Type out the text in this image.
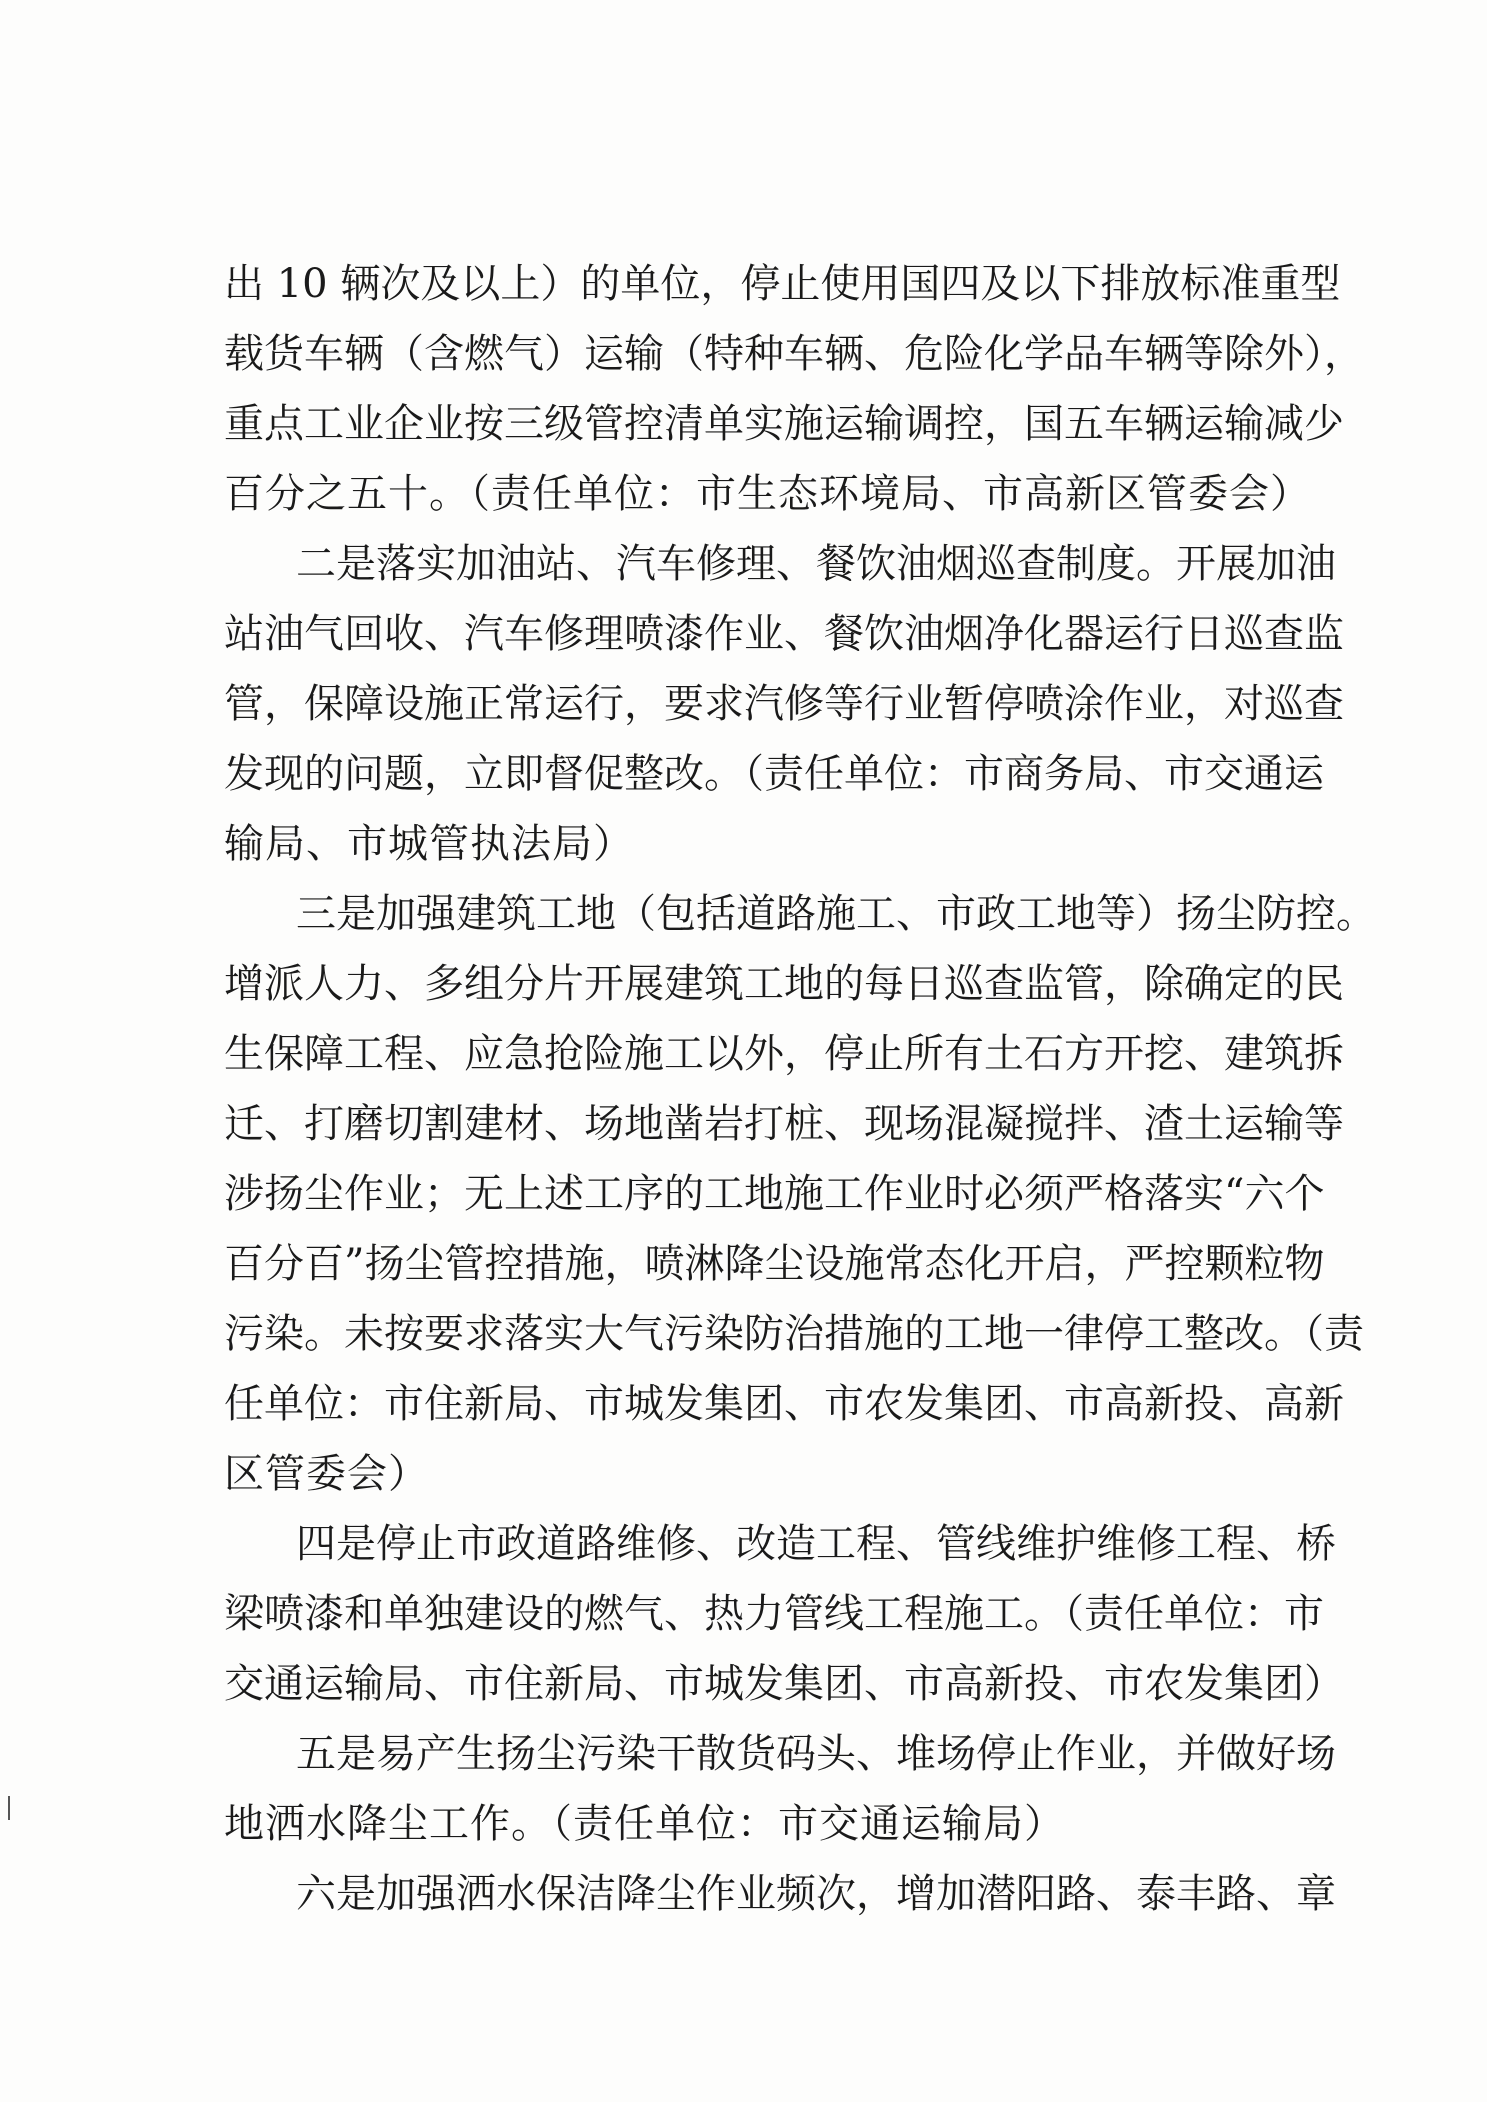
出 10 辆次及以上）的单位，停止使用国四及以下排放标准重型
载货车辆（含燃气）运输（特种车辆、危险化学品车辆等除外），
重点工业企业按三级管控清单实施运输调控，国五车辆运输减少
百分之五十。（责任单位：市生态环境局、市高新区管委会）
二是落实加油站、汽车修理、餐饮油烟巡查制度。开展加油
站油气回收、汽车修理喷漆作业、餐饮油烟净化器运行日巡查监
管，保障设施正常运行，要求汽修等行业暂停喷涂作业，对巡查
发现的问题，立即督促整改。（责任单位：市商务局、市交通运
输局、市城管执法局）
三是加强建筑工地（包括道路施工、市政工地等）扬尘防控。
增派人力、多组分片开展建筑工地的每日巡查监管，除确定的民
生保障工程、应急抢险施工以外，停止所有土石方开挖、建筑拆
迁、打磨切割建材、场地凿岩打桩、现场混凝搅拌、渣土运输等
涉扬尘作业；无上述工序的工地施工作业时必须严格落实“六个
百分百”扬尘管控措施，喷淋降尘设施常态化开启，严控颗粒物
污染。未按要求落实大气污染防治措施的工地一律停工整改。（责
任单位：市住新局、市城发集团、市农发集团、市高新投、高新
区管委会）
四是停止市政道路维修、改造工程、管线维护维修工程、桥
梁喷漆和单独建设的燃气、热力管线工程施工。（责任单位：市
交通运输局、市住新局、市城发集团、市高新投、市农发集团）
五是易产生扬尘污染干散货码头、堆场停止作业，并做好场
地洒水降尘工作。（责任单位：市交通运输局）
六是加强洒水保洁降尘作业频次，增加潜阳路、泰丰路、章
